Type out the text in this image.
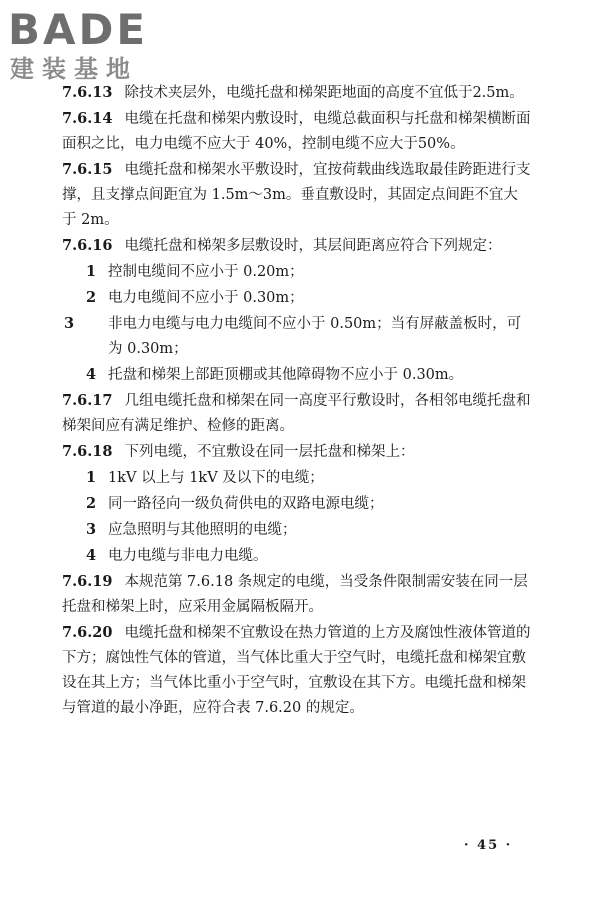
BADE
建装基地

7.6.13 除技术夹层外，电缆托盘和梯架距地面的高度不宜低于2.5m。

7.6.14 电缆在托盘和梯架内敷设时，电缆总截面积与托盘和梯架横断面面积之比，电力电缆不应大于 40%，控制电缆不应大于50%。

7.6.15 电缆托盘和梯架水平敷设时，宜按荷载曲线选取最佳跨距进行支撑，且支撑点间距宜为 1.5m～3m。垂直敷设时，其固定点间距不宜大于 2m。

7.6.16 电缆托盘和梯架多层敷设时，其层间距离应符合下列规定：

1 控制电缆间不应小于 0.20m；

2 电力电缆间不应小于 0.30m；

3 非电力电缆与电力电缆间不应小于 0.50m；当有屏蔽盖板时，可为 0.30m；

4 托盘和梯架上部距顶棚或其他障碍物不应小于 0.30m。

7.6.17 几组电缆托盘和梯架在同一高度平行敷设时，各相邻电缆托盘和梯架间应有满足维护、检修的距离。

7.6.18 下列电缆，不宜敷设在同一层托盘和梯架上：

1 1kV 以上与 1kV 及以下的电缆；

2 同一路径向一级负荷供电的双路电源电缆；

3 应急照明与其他照明的电缆；

4 电力电缆与非电力电缆。

7.6.19 本规范第 7.6.18 条规定的电缆，当受条件限制需安装在同一层托盘和梯架上时，应采用金属隔板隔开。

7.6.20 电缆托盘和梯架不宜敷设在热力管道的上方及腐蚀性液体管道的下方；腐蚀性气体的管道，当气体比重大于空气时，电缆托盘和梯架宜敷设在其上方；当气体比重小于空气时，宜敷设在其下方。电缆托盘和梯架与管道的最小净距，应符合表 7.6.20 的规定。

· 45 ·
